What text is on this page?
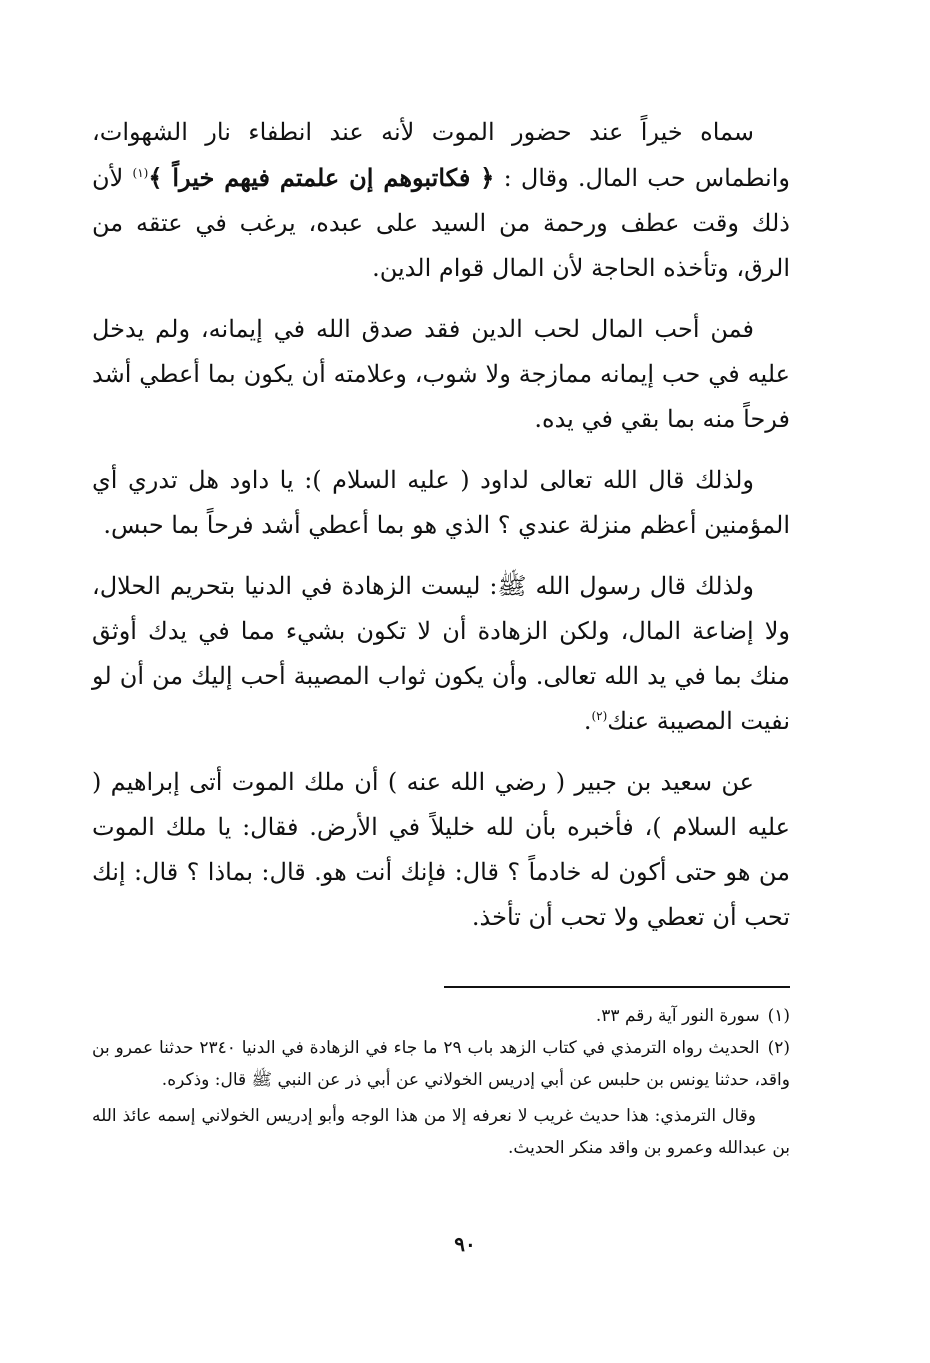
سماه خيراً عند حضور الموت لأنه عند انطفاء نار الشهوات، وانطماس حب المال. وقال : ﴿ فكاتبوهم إن علمتم فيهم خيراً ﴾$^{(١)}$ لأن ذلك وقت عطف ورحمة من السيد على عبده، يرغب في عتقه من الرق، وتأخذه الحاجة لأن المال قوام الدين.

فمن أحب المال لحب الدين فقد صدق الله في إيمانه، ولم يدخل عليه في حب إيمانه ممازجة ولا شوب، وعلامته أن يكون بما أعطي أشد فرحاً منه بما بقي في يده.

ولذلك قال الله تعالى لداود ( عليه السلام ): يا داود هل تدري أي المؤمنين أعظم منزلة عندي ؟ الذي هو بما أعطي أشد فرحاً بما حبس.

ولذلك قال رسول الله ﷺ: ليست الزهادة في الدنيا بتحريم الحلال، ولا إضاعة المال، ولكن الزهادة أن لا تكون بشيء مما في يدك أوثق منك بما في يد الله تعالى. وأن يكون ثواب المصيبة أحب إليك من أن لو نفيت المصيبة عنك$^{(٢)}$.

عن سعيد بن جبير ( رضي الله عنه ) أن ملك الموت أتى إبراهيم ( عليه السلام )، فأخبره بأن لله خليلاً في الأرض. فقال: يا ملك الموت من هو حتى أكون له خادماً ؟ قال: فإنك أنت هو. قال: بماذا ؟ قال: إنك تحب أن تعطي ولا تحب أن تأخذ.

(١)سورة النور آية رقم ٣٣.

(٢)الحديث رواه الترمذي في كتاب الزهد باب ٢٩ ما جاء في الزهادة في الدنيا ٢٣٤٠ حدثنا عمرو بن واقد، حدثنا يونس بن حلبس عن أبي إدريس الخولاني عن أبي ذر عن النبي ﷺ قال: وذكره.

وقال الترمذي: هذا حديث غريب لا نعرفه إلا من هذا الوجه وأبو إدريس الخولاني إسمه عائذ الله بن عبدالله وعمرو بن واقد منكر الحديث.

٩٠
